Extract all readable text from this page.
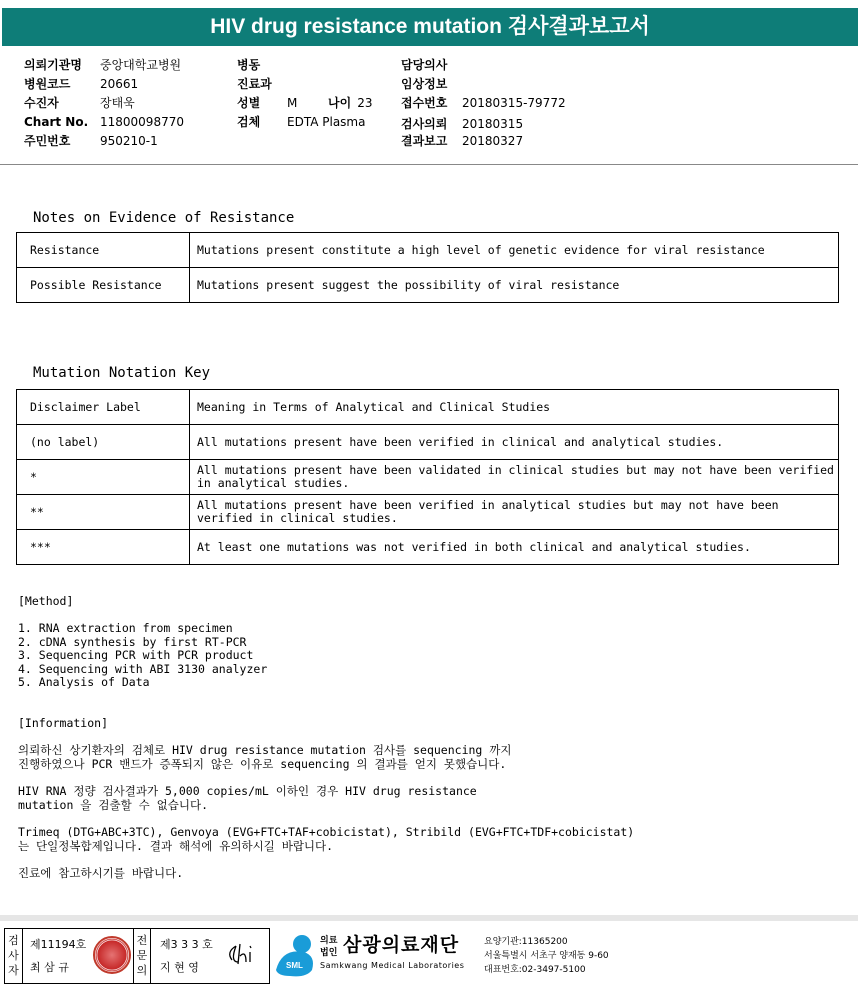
HIV drug resistance mutation 검사결과보고서
의뢰기관명 중앙대학교병원
병원코드 20661
수진자	장태욱
Chart No. 11800098770
주민번호 950210-1
병동
진료과
성별 M	나이 23
검체 EDTA Plasma
담당의사
임상정보
접수번호 20180315-79772
검사의뢰 20180315
결과보고 20180327
Notes on Evidence of Resistance
Resistance	Mutations present constitute a high level of genetic evidence for viral resistance
Possible Resistance	Mutations present suggest the possibility of viral resistance
Mutation Notation Key
Disclaimer Label	Meaning in Terms of Analytical and Clinical Studies
(no label)	All mutations present have been verified in clinical and analytical studies.
*	All mutations present have been validated in clinical studies but may not have been verified in analytical studies.
**	All mutations present have been verified in analytical studies but may not have been verified in clinical studies.
***	At least one mutations was not verified in both clinical and analytical studies.
[Method]
1. RNA extraction from specimen
2. cDNA synthesis by first RT-PCR
3. Sequencing PCR with PCR product
4. Sequencing with ABI 3130 analyzer
5. Analysis of Data
[Information]
의뢰하신 상기환자의 검체로 HIV drug resistance mutation 검사를 sequencing 까지
진행하였으나 PCR 밴드가 증폭되지 않은 이유로 sequencing 의 결과를 얻지 못했습니다.
HIV RNA 정량 검사결과가 5,000 copies/mL 이하인 경우 HIV drug resistance
mutation 을 검출할 수 없습니다.
Trimeq (DTG+ABC+3TC), Genvoya (EVG+FTC+TAF+cobicistat), Stribild (EVG+FTC+TDF+cobicistat)
는 단일정복합제입니다. 결과 해석에 유의하시길 바랍니다.
진료에 참고하시기를 바랍니다.
검사자
전문의
제11194호
최 삼 규
제3 3 3 호
지 현 영	SML
의료
법인 삼광의료재단
Samkwang Medical Laboratories
요양기관:11365200
서울특별시 서초구 양재동 9-60
대표번호:02-3497-5100
